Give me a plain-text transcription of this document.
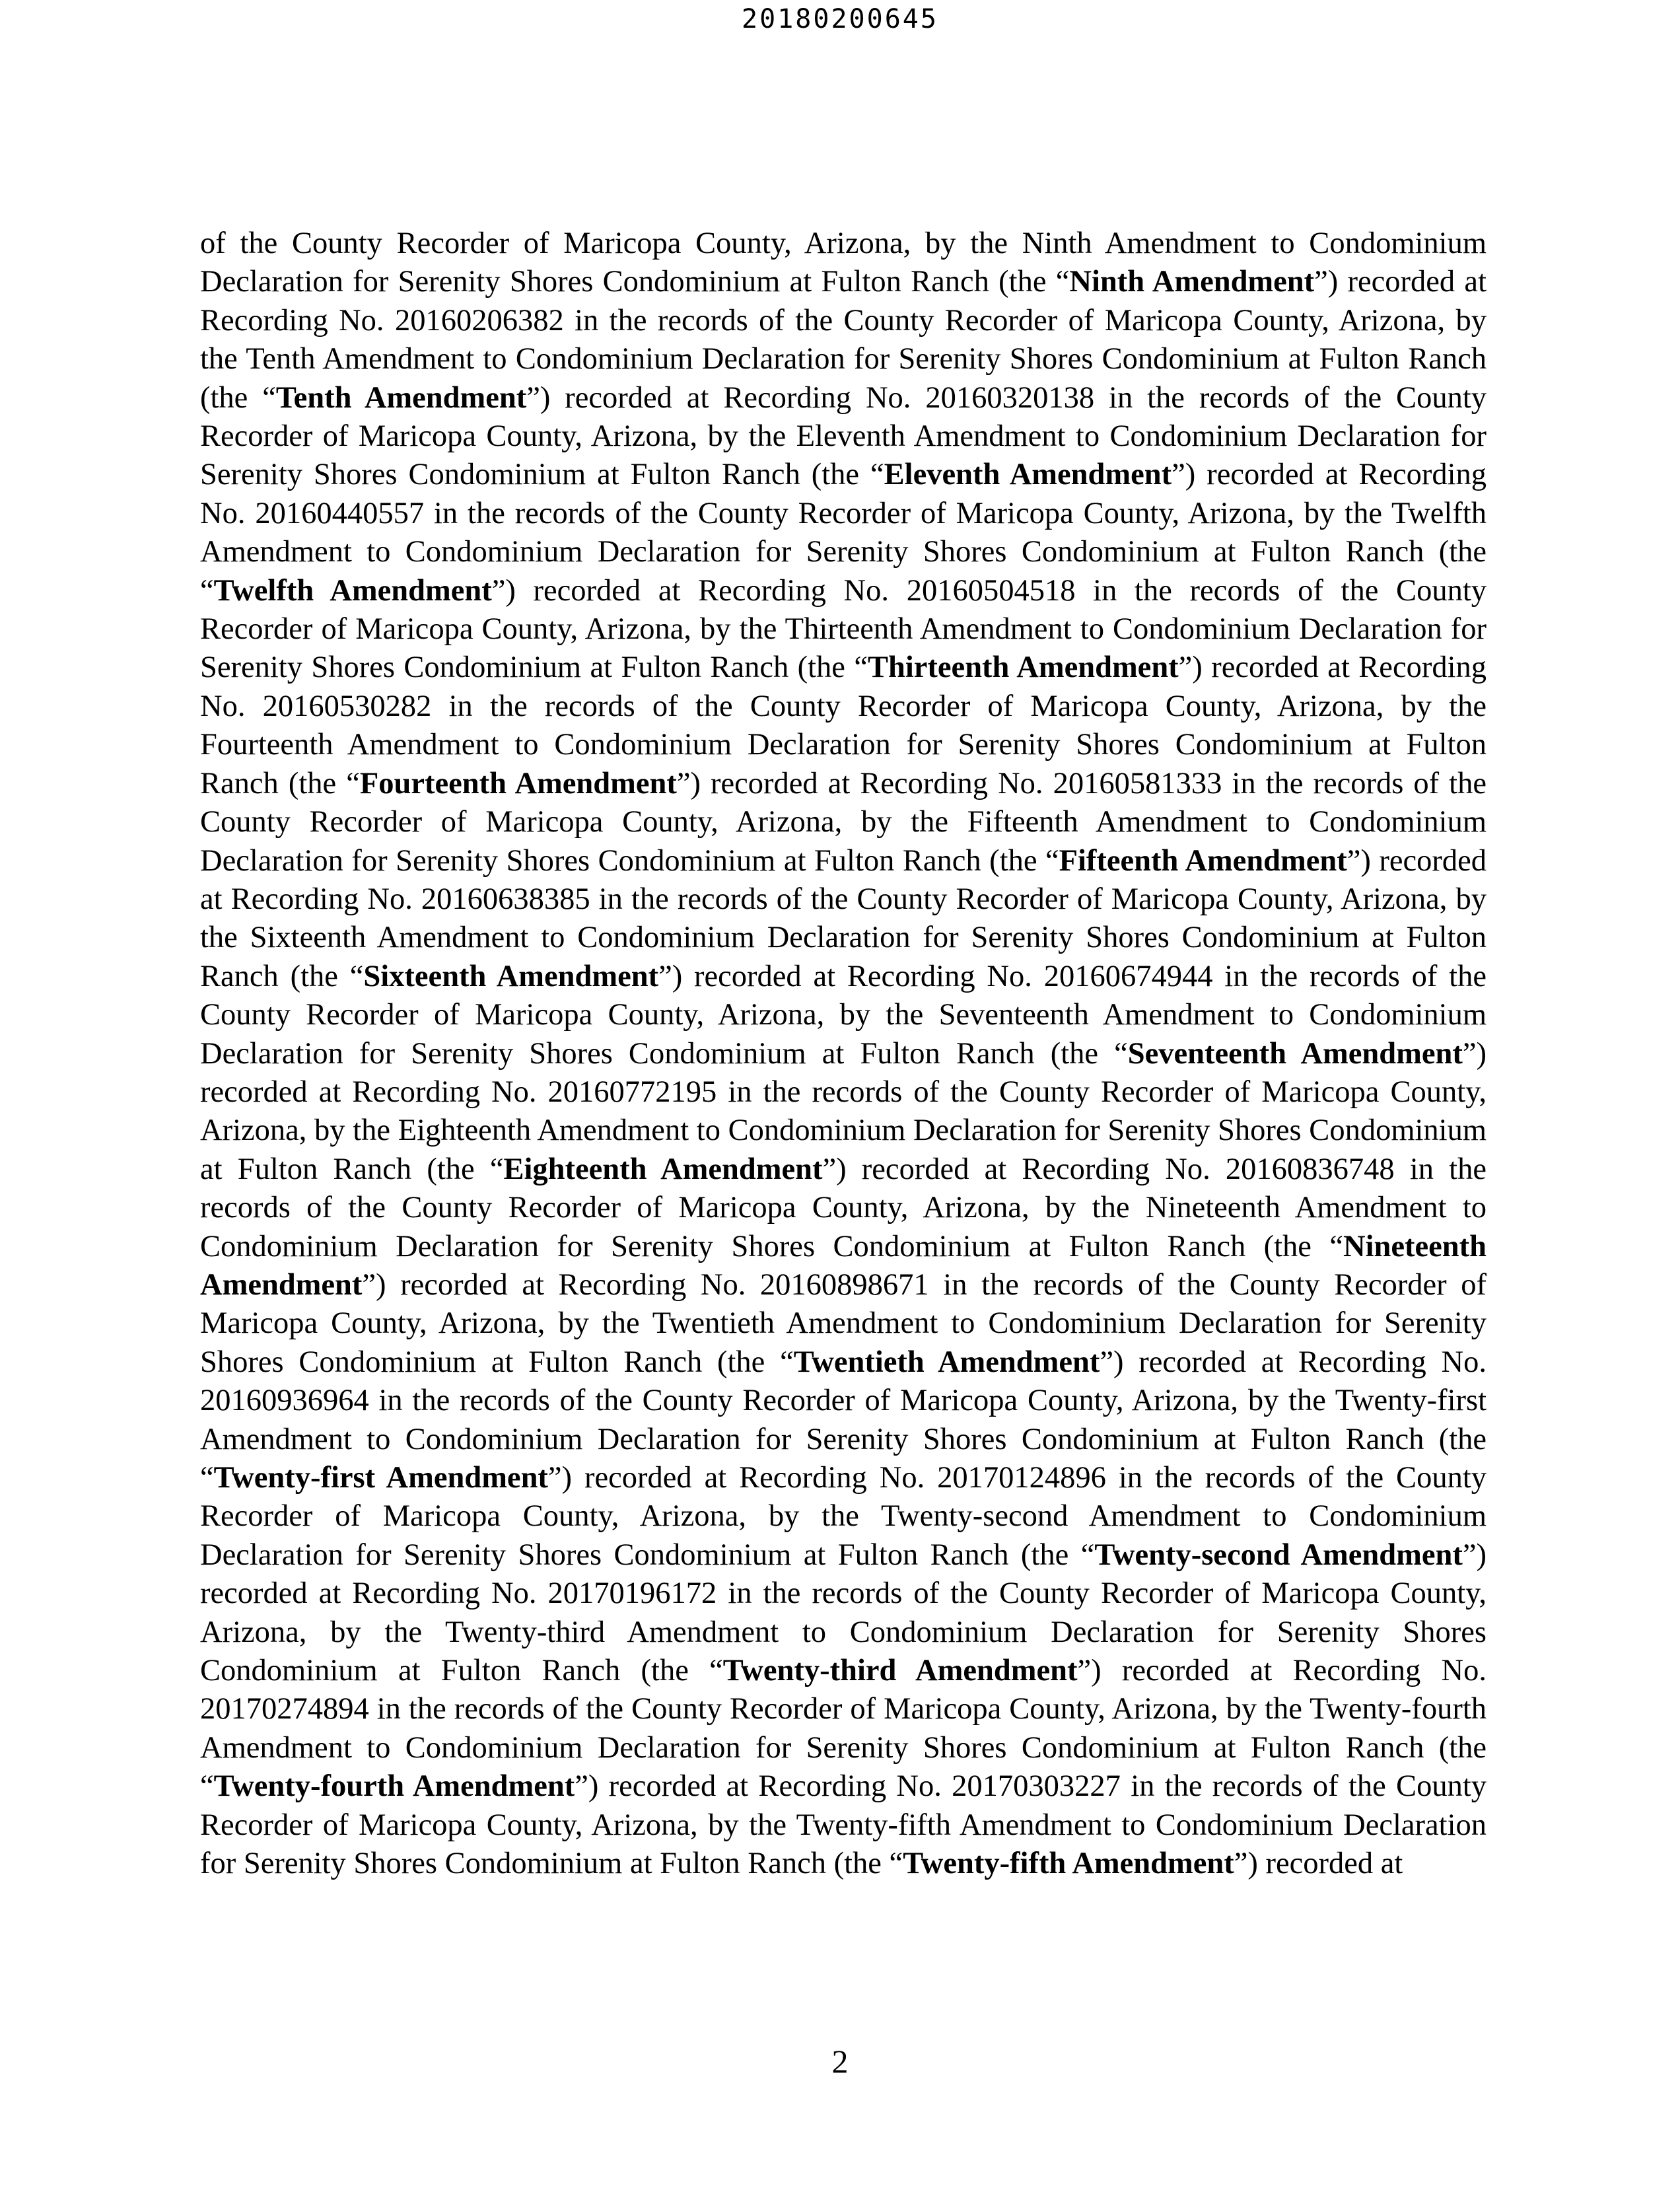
20180200645

of the County Recorder of Maricopa County, Arizona, by the Ninth Amendment to Condominium Declaration for Serenity Shores Condominium at Fulton Ranch (the “Ninth Amendment”) recorded at Recording No. 20160206382 in the records of the County Recorder of Maricopa County, Arizona, by the Tenth Amendment to Condominium Declaration for Serenity Shores Condominium at Fulton Ranch (the “Tenth Amendment”) recorded at Recording No. 20160320138 in the records of the County Recorder of Maricopa County, Arizona, by the Eleventh Amendment to Condominium Declaration for Serenity Shores Condominium at Fulton Ranch (the “Eleventh Amendment”) recorded at Recording No. 20160440557 in the records of the County Recorder of Maricopa County, Arizona, by the Twelfth Amendment to Condominium Declaration for Serenity Shores Condominium at Fulton Ranch (the “Twelfth Amendment”) recorded at Recording No. 20160504518 in the records of the County Recorder of Maricopa County, Arizona, by the Thirteenth Amendment to Condominium Declaration for Serenity Shores Condominium at Fulton Ranch (the “Thirteenth Amendment”) recorded at Recording No. 20160530282 in the records of the County Recorder of Maricopa County, Arizona, by the Fourteenth Amendment to Condominium Declaration for Serenity Shores Condominium at Fulton Ranch (the “Fourteenth Amendment”) recorded at Recording No. 20160581333 in the records of the County Recorder of Maricopa County, Arizona, by the Fifteenth Amendment to Condominium Declaration for Serenity Shores Condominium at Fulton Ranch (the “Fifteenth Amendment”) recorded at Recording No. 20160638385 in the records of the County Recorder of Maricopa County, Arizona, by the Sixteenth Amendment to Condominium Declaration for Serenity Shores Condominium at Fulton Ranch (the “Sixteenth Amendment”) recorded at Recording No. 20160674944 in the records of the County Recorder of Maricopa County, Arizona, by the Seventeenth Amendment to Condominium Declaration for Serenity Shores Condominium at Fulton Ranch (the “Seventeenth Amendment”) recorded at Recording No. 20160772195 in the records of the County Recorder of Maricopa County, Arizona, by the Eighteenth Amendment to Condominium Declaration for Serenity Shores Condominium at Fulton Ranch (the “Eighteenth Amendment”) recorded at Recording No. 20160836748 in the records of the County Recorder of Maricopa County, Arizona, by the Nineteenth Amendment to Condominium Declaration for Serenity Shores Condominium at Fulton Ranch (the “Nineteenth Amendment”) recorded at Recording No. 20160898671 in the records of the County Recorder of Maricopa County, Arizona, by the Twentieth Amendment to Condominium Declaration for Serenity Shores Condominium at Fulton Ranch (the “Twentieth Amendment”) recorded at Recording No. 20160936964 in the records of the County Recorder of Maricopa County, Arizona, by the Twenty-first Amendment to Condominium Declaration for Serenity Shores Condominium at Fulton Ranch (the “Twenty-first Amendment”) recorded at Recording No. 20170124896 in the records of the County Recorder of Maricopa County, Arizona, by the Twenty-second Amendment to Condominium Declaration for Serenity Shores Condominium at Fulton Ranch (the “Twenty-second Amendment”) recorded at Recording No. 20170196172 in the records of the County Recorder of Maricopa County, Arizona, by the Twenty-third Amendment to Condominium Declaration for Serenity Shores Condominium at Fulton Ranch (the “Twenty-third Amendment”) recorded at Recording No. 20170274894 in the records of the County Recorder of Maricopa County, Arizona, by the Twenty-fourth Amendment to Condominium Declaration for Serenity Shores Condominium at Fulton Ranch (the “Twenty-fourth Amendment”) recorded at Recording No. 20170303227 in the records of the County Recorder of Maricopa County, Arizona, by the Twenty-fifth Amendment to Condominium Declaration for Serenity Shores Condominium at Fulton Ranch (the “Twenty-fifth Amendment”) recorded at

2
